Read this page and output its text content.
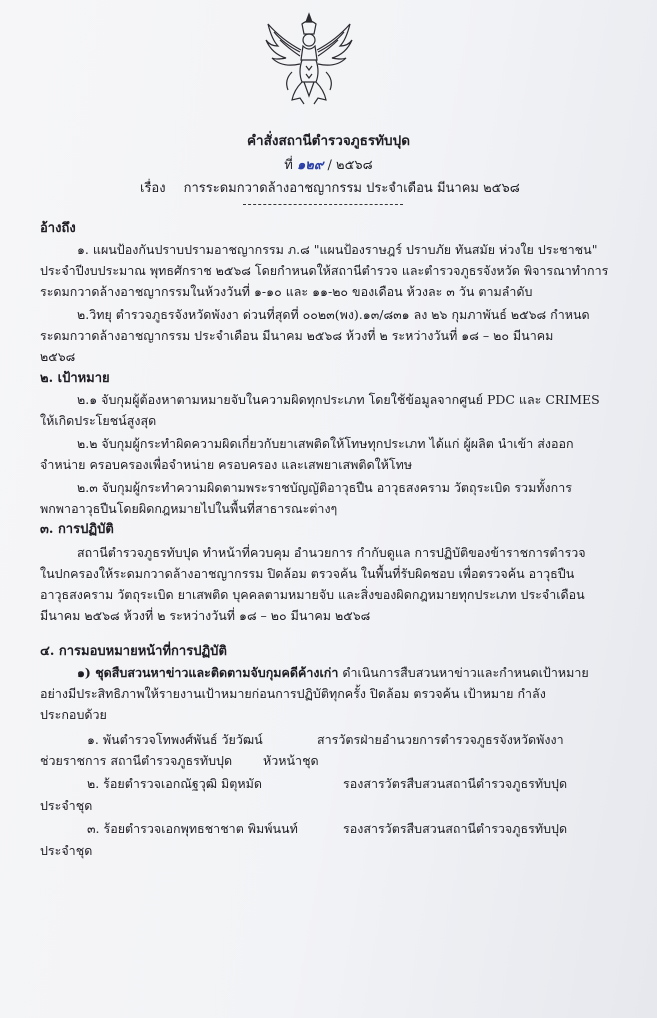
คำสั่งสถานีตำรวจภูธรทับปุด
ที่ ๑๒๙ / ๒๕๖๘
เรื่อง การระดมกวาดล้างอาชญากรรม ประจำเดือน มีนาคม ๒๕๖๘
อ้างถึง
๑. แผนป้องกันปราบปรามอาชญากรรม ภ.๘ "แผนป้องราษฎร์ ปราบภัย ทันสมัย ห่วงใย ประชาชน"
ประจำปีงบประมาณ พุทธศักราช ๒๕๖๘ โดยกำหนดให้สถานีตำรวจ และตำรวจภูธรจังหวัด พิจารณาทำการ
ระดมกวาดล้างอาชญากรรมในห้วงวันที่ ๑-๑๐ และ ๑๑-๒๐ ของเดือน ห้วงละ ๓ วัน ตามลำดับ
๒.วิทยุ ตำรวจภูธรจังหวัดพังงา ด่วนที่สุดที่ ๐๐๒๓(พง).๑๓/๘๓๑ ลง ๒๖ กุมภาพันธ์ ๒๕๖๘ กำหนด
ระดมกวาดล้างอาชญากรรม ประจำเดือน มีนาคม ๒๕๖๘ ห้วงที่ ๒ ระหว่างวันที่ ๑๘ – ๒๐ มีนาคม
๒๕๖๘
๒. เป้าหมาย
๒.๑ จับกุมผู้ต้องหาตามหมายจับในความผิดทุกประเภท โดยใช้ข้อมูลจากศูนย์ PDC และ CRIMES
ให้เกิดประโยชน์สูงสุด
๒.๒ จับกุมผู้กระทำผิดความผิดเกี่ยวกับยาเสพติดให้โทษทุกประเภท ได้แก่ ผู้ผลิต นำเข้า ส่งออก
จำหน่าย ครอบครองเพื่อจำหน่าย ครอบครอง และเสพยาเสพติดให้โทษ
๒.๓ จับกุมผู้กระทำความผิดตามพระราชบัญญัติอาวุธปืน อาวุธสงคราม วัตถุระเบิด รวมทั้งการ
พกพาอาวุธปืนโดยผิดกฎหมายไปในพื้นที่สาธารณะต่างๆ
๓. การปฏิบัติ
สถานีตำรวจภูธรทับปุด ทำหน้าที่ควบคุม อำนวยการ กำกับดูแล การปฏิบัติของข้าราชการตำรวจ
ในปกครองให้ระดมกวาดล้างอาชญากรรม ปิดล้อม ตรวจค้น ในพื้นที่รับผิดชอบ เพื่อตรวจค้น อาวุธปืน
อาวุธสงคราม วัตถุระเบิด ยาเสพติด บุคคลตามหมายจับ และสิ่งของผิดกฎหมายทุกประเภท ประจำเดือน
มีนาคม ๒๕๖๘ ห้วงที่ ๒ ระหว่างวันที่ ๑๘ – ๒๐ มีนาคม ๒๕๖๘
๔. การมอบหมายหน้าที่การปฏิบัติ
๑) ชุดสืบสวนหาข่าวและติดตามจับกุมคดีค้างเก่า ดำเนินการสืบสวนหาข่าวและกำหนดเป้าหมาย
อย่างมีประสิทธิภาพให้รายงานเป้าหมายก่อนการปฏิบัติทุกครั้ง ปิดล้อม ตรวจค้น เป้าหมาย กำลัง
ประกอบด้วย
๑. พันตำรวจโทพงศ์พันธ์ วัยวัฒน์	สารวัตรฝ่ายอำนวยการตำรวจภูธรจังหวัดพังงา
ช่วยราชการ สถานีตำรวจภูธรทับปุด หัวหน้าชุด
๒. ร้อยตำรวจเอกณัฐวุฒิ มิตุหมัด	รองสารวัตรสืบสวนสถานีตำรวจภูธรทับปุด
ประจำชุด
๓. ร้อยตำรวจเอกพุทธชาชาต พิมพ์นนท์	รองสารวัตรสืบสวนสถานีตำรวจภูธรทับปุด
ประจำชุด
